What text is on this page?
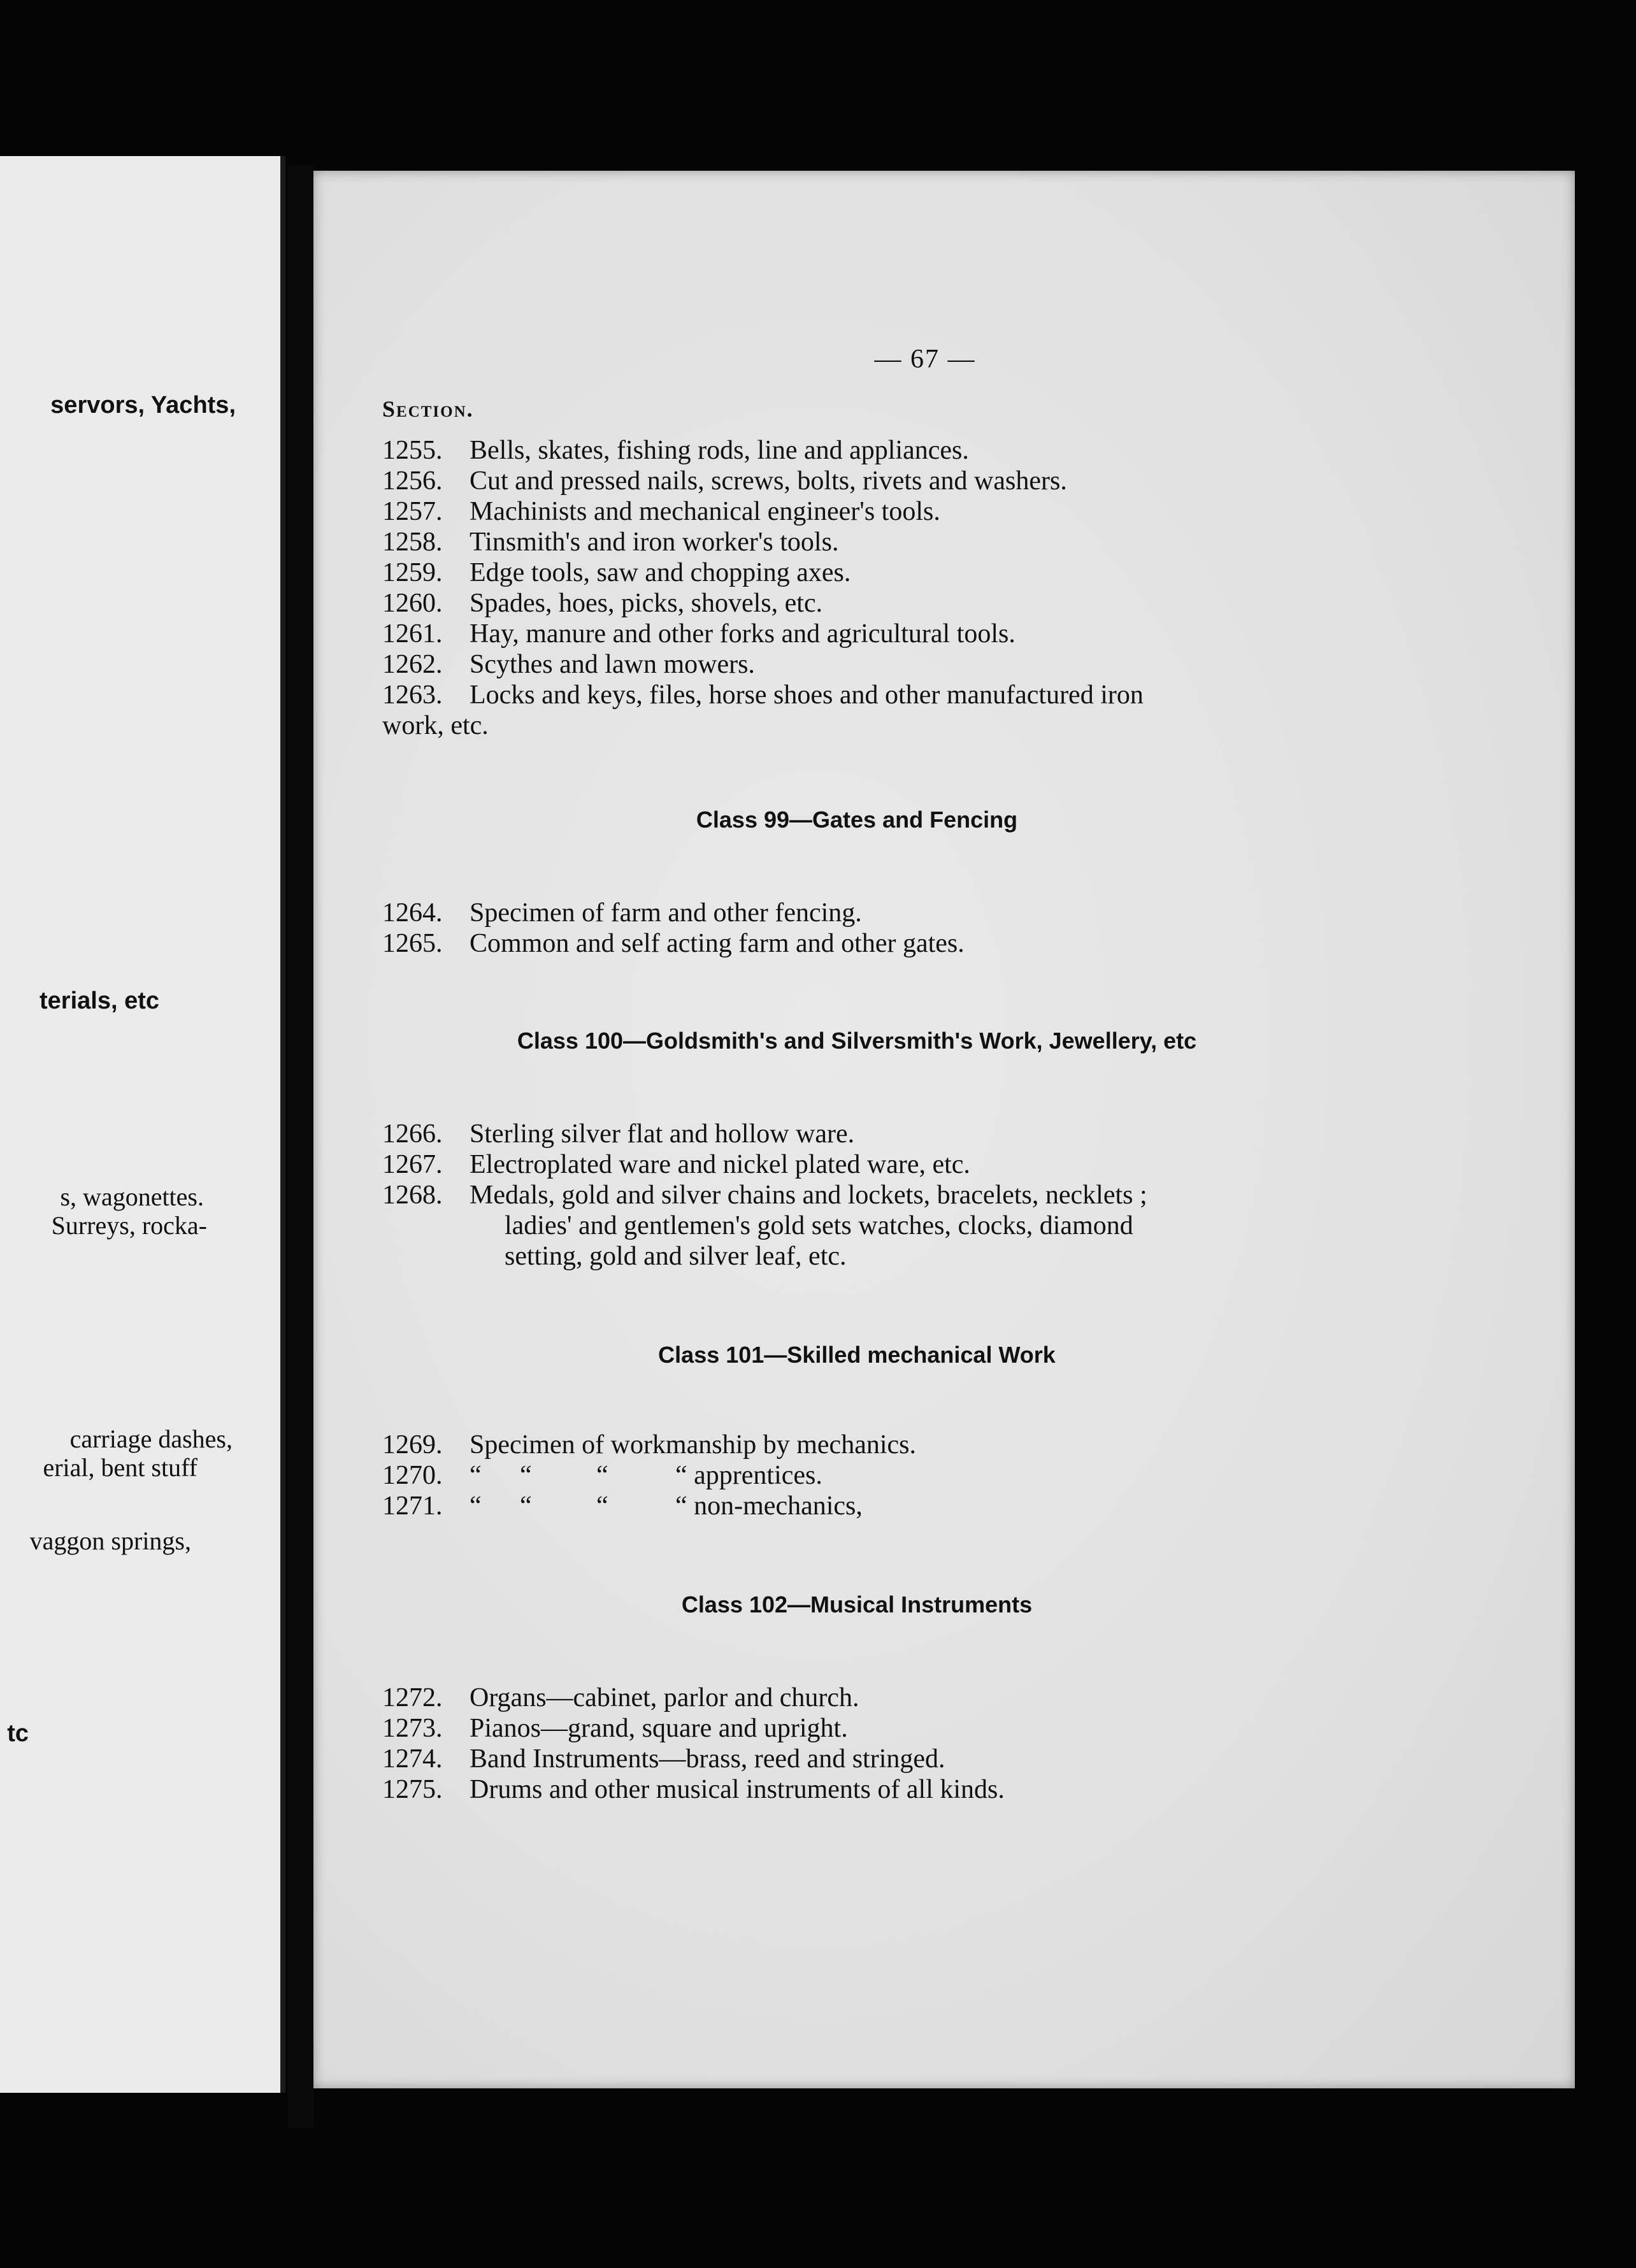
servors, Yachts,
terials, etc
s, wagonettes.
Surreys, rocka-
carriage dashes,
erial, bent stuff
vaggon springs,
tc
— 67 —
Section.
1255. Bells, skates, fishing rods, line and appliances.
1256. Cut and pressed nails, screws, bolts, rivets and washers.
1257. Machinists and mechanical engineer's tools.
1258. Tinsmith's and iron worker's tools.
1259. Edge tools, saw and chopping axes.
1260. Spades, hoes, picks, shovels, etc.
1261. Hay, manure and other forks and agricultural tools.
1262. Scythes and lawn mowers.
1263. Locks and keys, files, horse shoes and other manufactured iron
work, etc.
Class 99—Gates and Fencing
1264. Specimen of farm and other fencing.
1265. Common and self acting farm and other gates.
Class 100—Goldsmith's and Silversmith's Work, Jewellery, etc
1266. Sterling silver flat and hollow ware.
1267. Electroplated ware and nickel plated ware, etc.
1268. Medals, gold and silver chains and lockets, bracelets, necklets ;
ladies' and gentlemen's gold sets watches, clocks, diamond
setting, gold and silver leaf, etc.
Class 101—Skilled mechanical Work
1269. Specimen of workmanship by mechanics.
1270. “ “ “	“ apprentices.
1271. “ “ “	“ non-mechanics,
Class 102—Musical Instruments
1272. Organs—cabinet, parlor and church.
1273. Pianos—grand, square and upright.
1274. Band Instruments—brass, reed and stringed.
1275. Drums and other musical instruments of all kinds.
